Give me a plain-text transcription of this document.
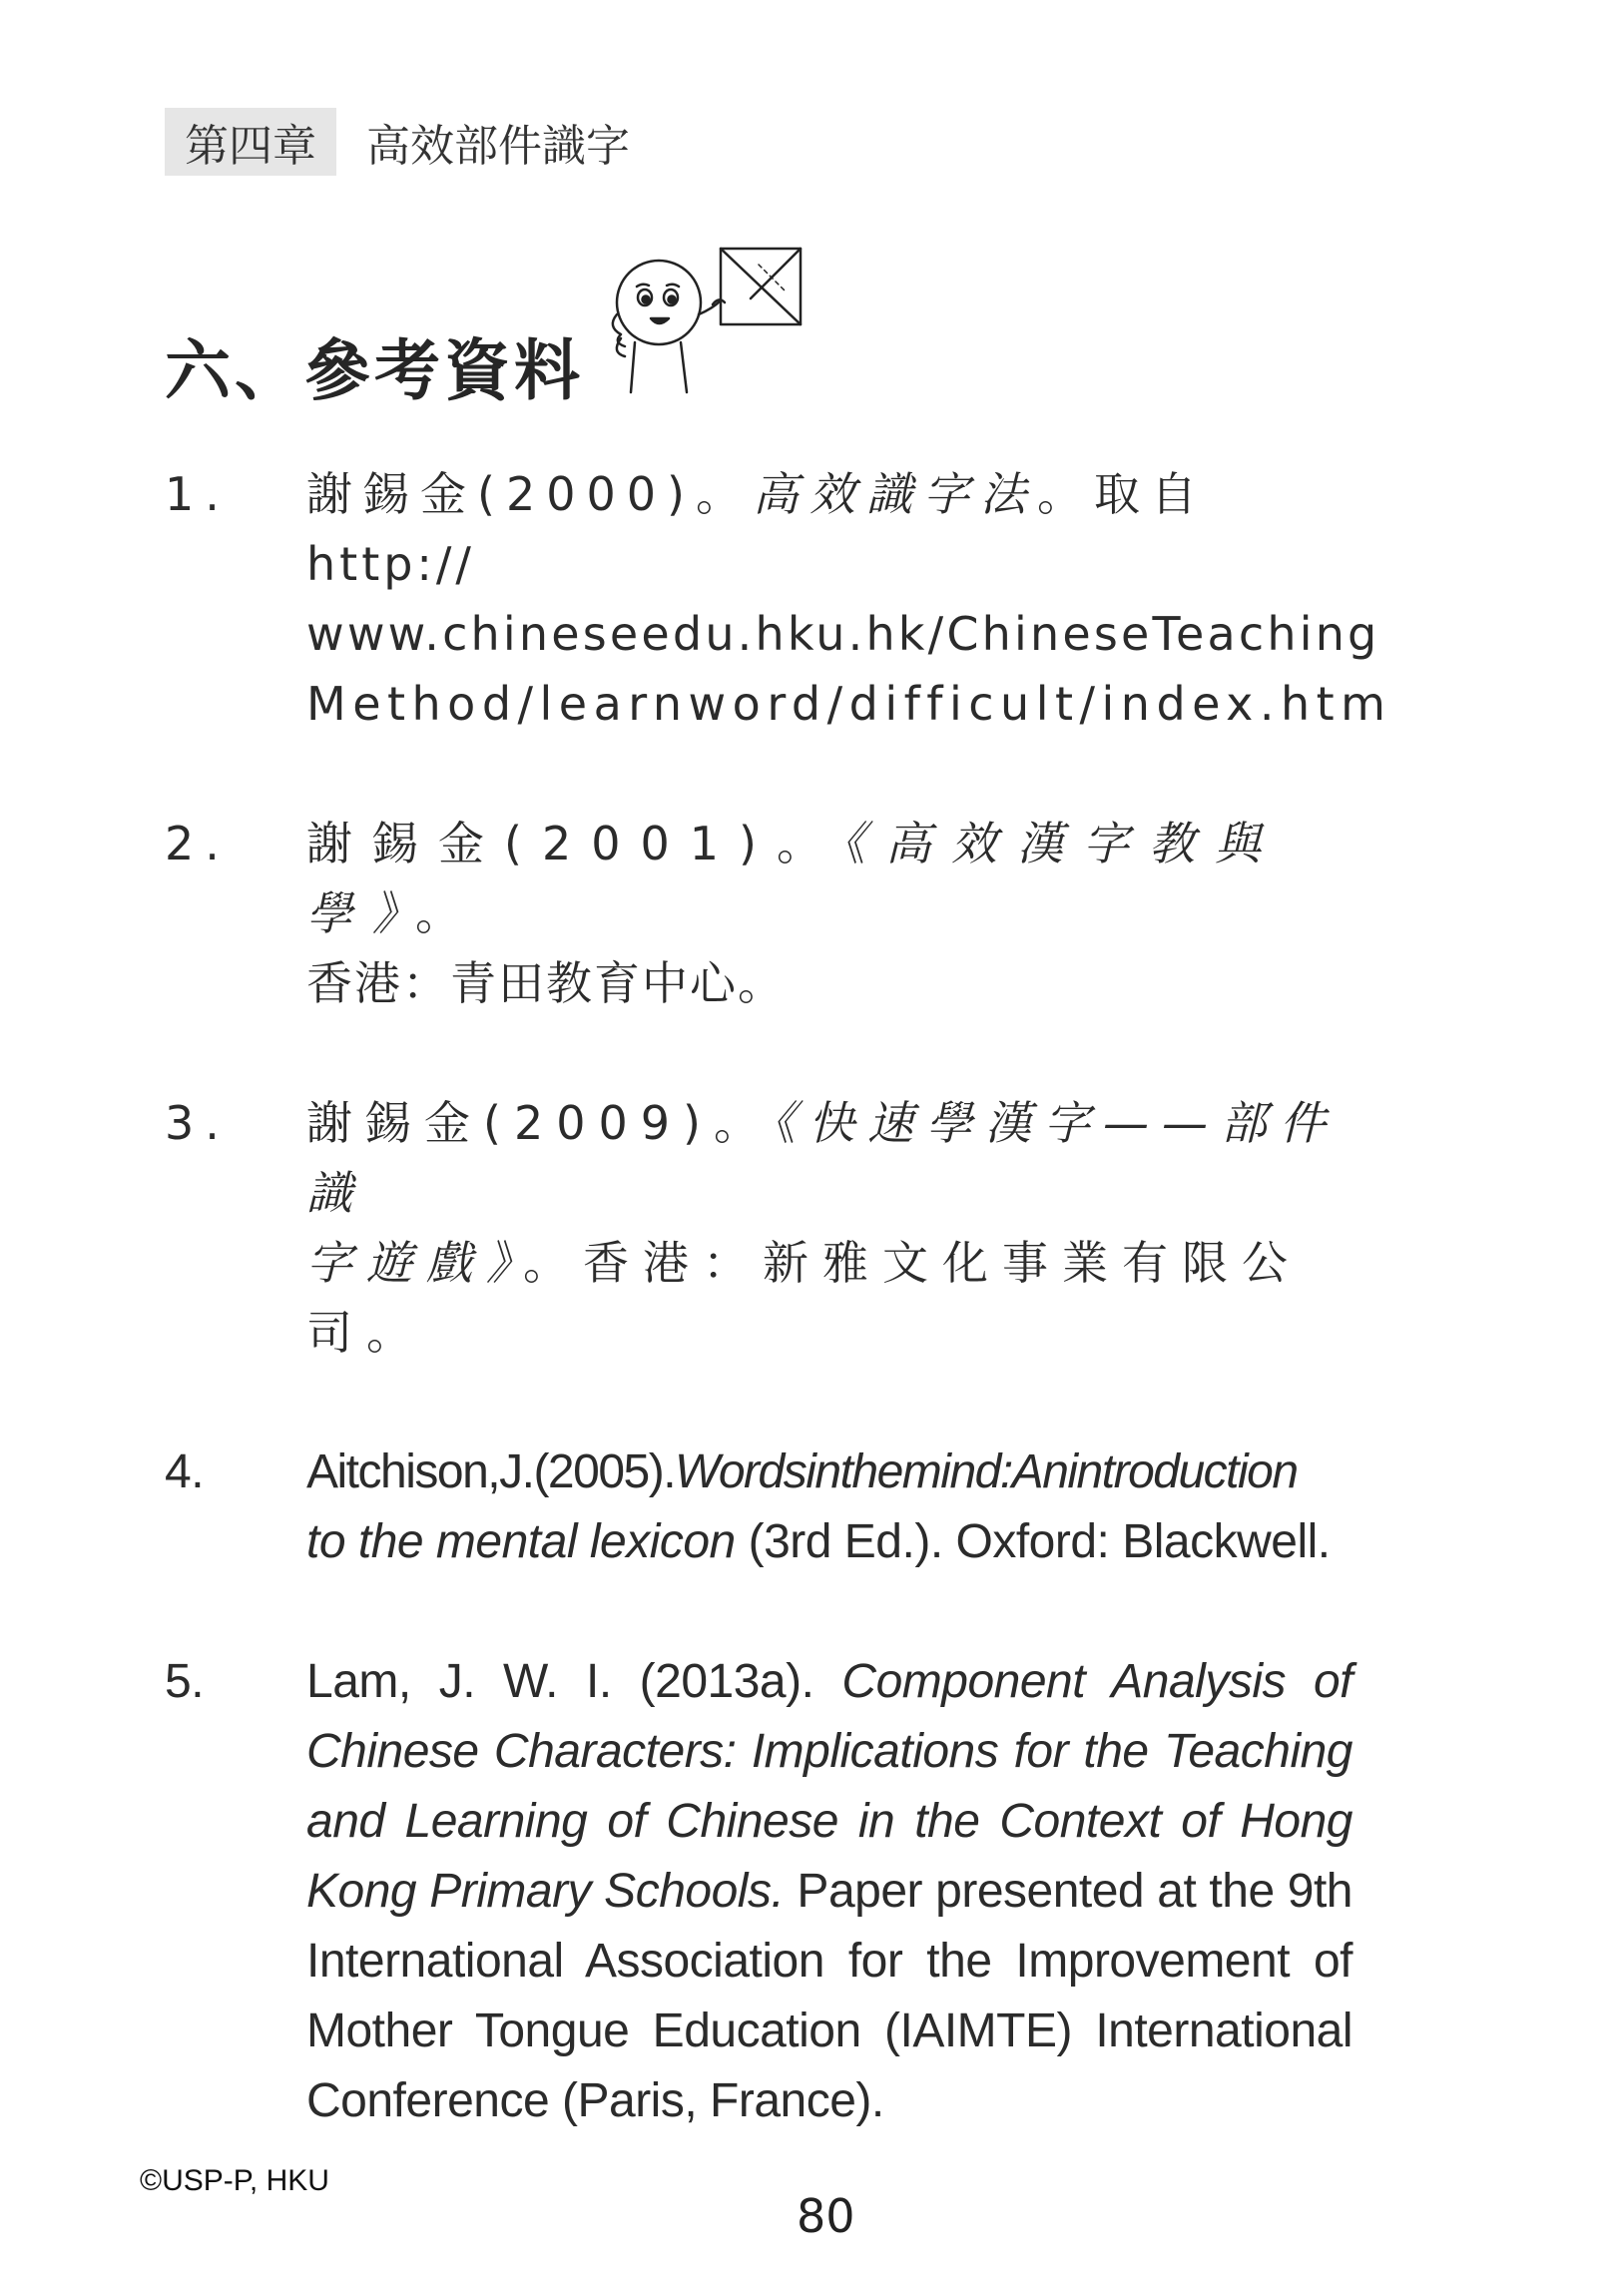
第四章	高效部件識字
六、參考資料
1. 謝錫金(2000)。高效識字法。取自http://
www.chineseedu.hku.hk/ChineseTeaching
Method/learnword/difficult/index.htm
2. 謝錫金(2001)。《高效漢字教與學》。
香港：青田教育中心。
3. 謝錫金(2009)。《快速學漢字——部件識
字遊戲》。香港：新雅文化事業有限公司。
4. Aitchison,J.(2005).Wordsinthemind:Anintroduction
to the mental lexicon (3rd Ed.). Oxford: Blackwell.
5. Lam, J. W. I. (2013a). Component Analysis of Chinese Characters: Implications for the Teaching and Learning of Chinese in the Context of Hong Kong Primary Schools. Paper presented at the 9th International Association for the Improvement of Mother Tongue Education (IAIMTE) International Conference (Paris, France).
©USP-P, HKU
80
